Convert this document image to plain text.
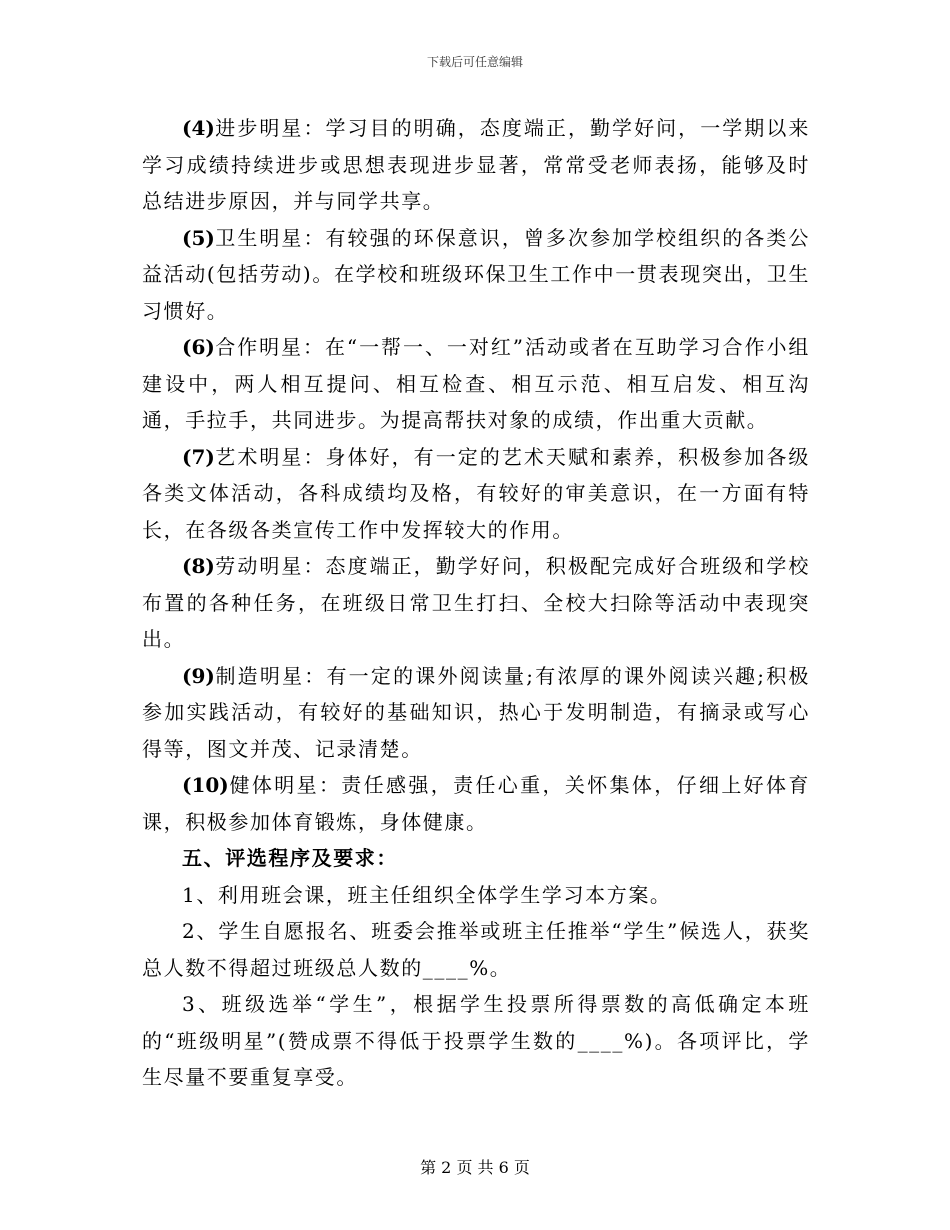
下载后可任意编辑

(4)进步明星：学习目的明确，态度端正，勤学好问，一学期以来学习成绩持续进步或思想表现进步显著，常常受老师表扬，能够及时总结进步原因，并与同学共享。

(5)卫生明星：有较强的环保意识，曾多次参加学校组织的各类公益活动(包括劳动)。在学校和班级环保卫生工作中一贯表现突出，卫生习惯好。

(6)合作明星：在“一帮一、一对红”活动或者在互助学习合作小组建设中，两人相互提问、相互检查、相互示范、相互启发、相互沟通，手拉手，共同进步。为提高帮扶对象的成绩，作出重大贡献。

(7)艺术明星：身体好，有一定的艺术天赋和素养，积极参加各级各类文体活动，各科成绩均及格，有较好的审美意识，在一方面有特长，在各级各类宣传工作中发挥较大的作用。

(8)劳动明星：态度端正，勤学好问，积极配完成好合班级和学校布置的各种任务，在班级日常卫生打扫、全校大扫除等活动中表现突出。

(9)制造明星：有一定的课外阅读量;有浓厚的课外阅读兴趣;积极参加实践活动，有较好的基础知识，热心于发明制造，有摘录或写心得等，图文并茂、记录清楚。

(10)健体明星：责任感强，责任心重，关怀集体，仔细上好体育课，积极参加体育锻炼，身体健康。

五、评选程序及要求：

1、利用班会课，班主任组织全体学生学习本方案。

2、学生自愿报名、班委会推举或班主任推举“学生”候选人，获奖总人数不得超过班级总人数的____%。

3、班级选举“学生”，根据学生投票所得票数的高低确定本班的“班级明星”(赞成票不得低于投票学生数的____%)。各项评比，学生尽量不要重复享受。

第 2 页 共 6 页
